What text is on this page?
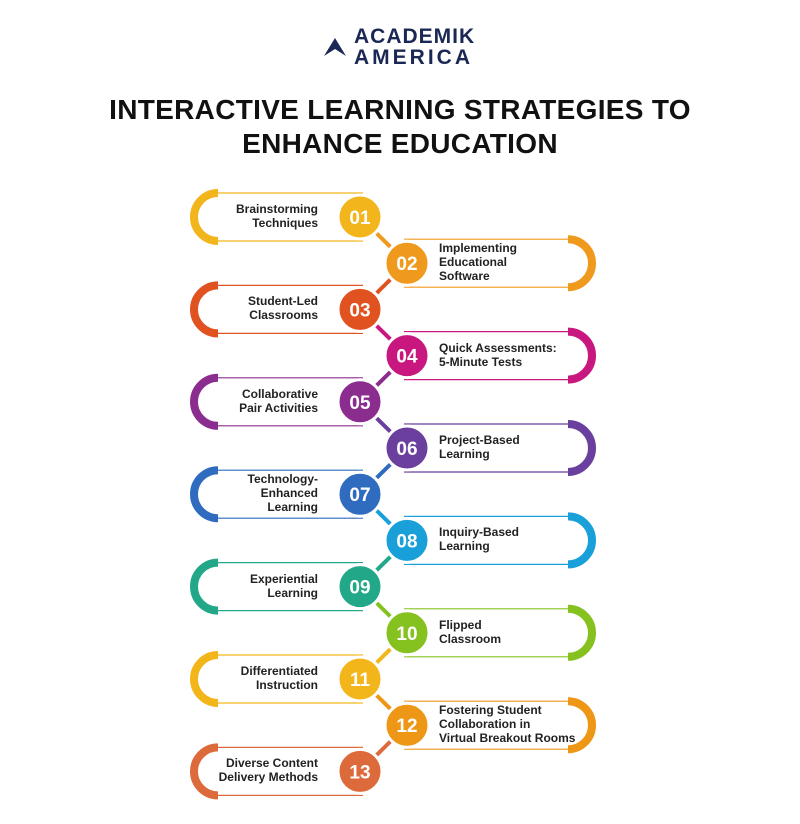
ACADEMIK
AMERICA
INTERACTIVE LEARNING STRATEGIES TO
ENHANCE EDUCATION
01
02
03
04
05
06
07
08
09
10
11
12
13
Brainstorming
Techniques
Implementing
Educational
Software
Student-Led
Classrooms
Quick Assessments:
5-Minute Tests
Collaborative
Pair Activities
Project-Based
Learning
Technology-
Enhanced
Learning
Inquiry-Based
Learning
Experiential
Learning
Flipped
Classroom
Differentiated
Instruction
Fostering Student
Collaboration in
Virtual Breakout Rooms
Diverse Content
Delivery Methods
